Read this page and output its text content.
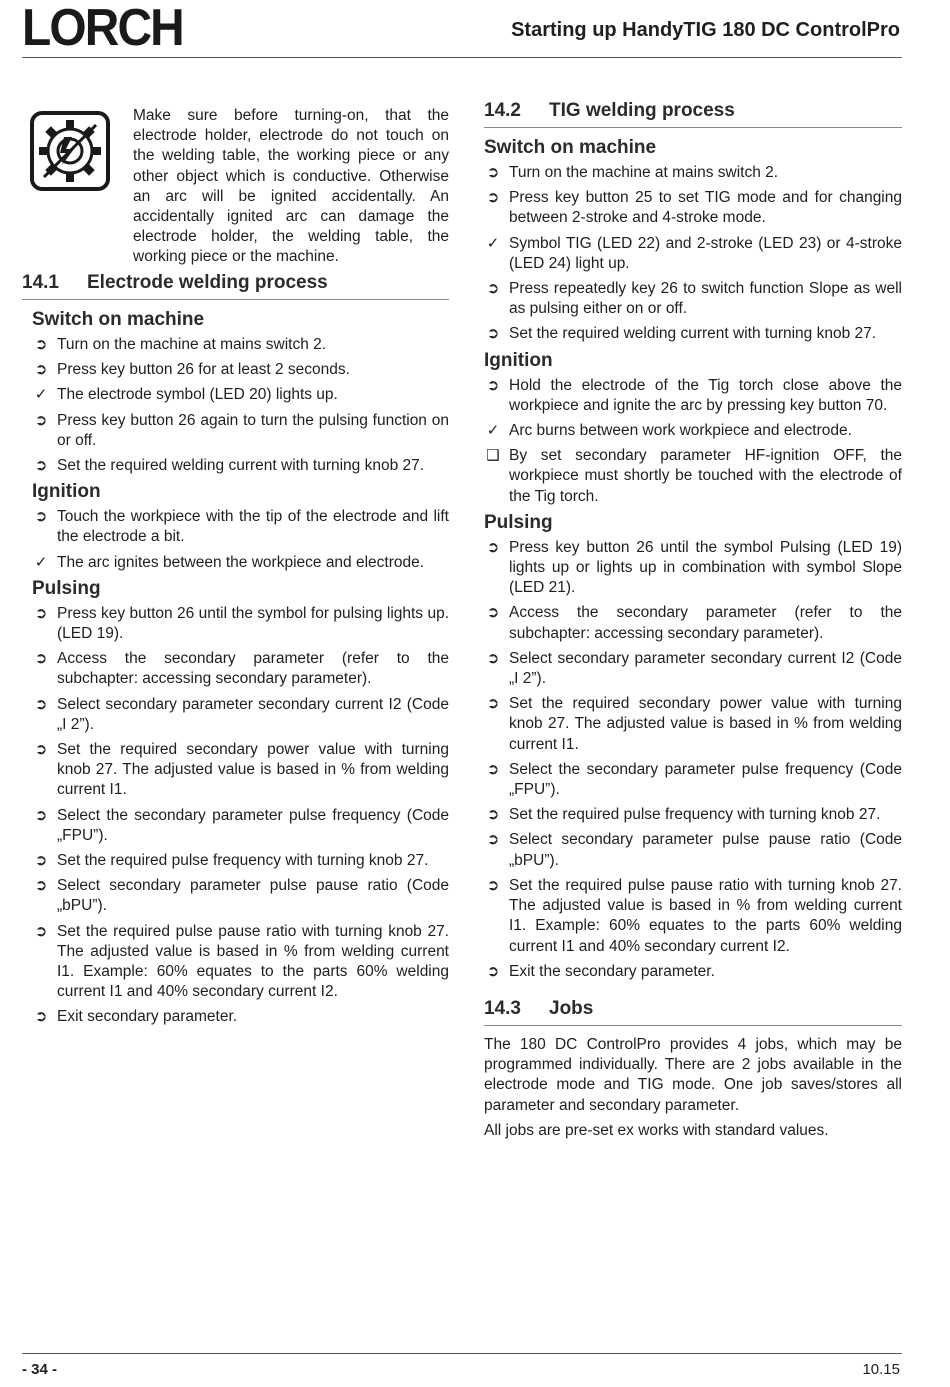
LORCH	Starting up HandyTIG 180 DC ControlPro
Make sure before turning-on, that the electrode holder, electrode do not touch on the welding table, the working piece or any other object which is conductive. Otherwise an arc will be ignited accidentally. An accidentally ignited arc can damage the electrode holder, the welding table, the working piece or the machine.
14.1 Electrode welding process
Switch on machine
➲ Turn on the machine at mains switch 2.
➲ Press key button 26 for at least 2 seconds.
✓ The electrode symbol (LED 20) lights up.
➲ Press key button 26 again to turn the pulsing function on or off.
➲ Set the required welding current with turning knob 27.
Ignition
➲ Touch the workpiece with the tip of the electrode and lift the electrode a bit.
✓ The arc ignites between the workpiece and electrode.
Pulsing
➲ Press key button 26 until the symbol for pulsing lights up. (LED 19).
➲ Access the secondary parameter (refer to the subchapter: accessing secondary parameter).
➲ Select secondary parameter secondary current I2 (Code „I 2”).
➲ Set the required secondary power value with turning knob 27. The adjusted value is based in % from welding current I1.
➲ Select the secondary parameter pulse frequency (Code „FPU”).
➲ Set the required pulse frequency with turning knob 27.
➲ Select secondary parameter pulse pause ratio (Code „bPU”).
➲ Set the required pulse pause ratio with turning knob 27. The adjusted value is based in % from welding current I1. Example: 60% equates to the parts 60% welding current I1 and 40% secondary current I2.
➲ Exit secondary parameter.
14.2 TIG welding process
Switch on machine
➲ Turn on the machine at mains switch 2.
➲ Press key button 25 to set TIG mode and for changing between 2-stroke and 4-stroke mode.
✓ Symbol TIG (LED 22) and 2-stroke (LED 23) or 4-stroke (LED 24) light up.
➲ Press repeatedly key 26 to switch function Slope as well as pulsing either on or off.
➲ Set the required welding current with turning knob 27.
Ignition
➲ Hold the electrode of the Tig torch close above the workpiece and ignite the arc by pressing key button 70.
✓ Arc burns between work workpiece and electrode.
❑ By set secondary parameter HF-ignition OFF, the workpiece must shortly be touched with the electrode of the Tig torch.
Pulsing
➲ Press key button 26 until the symbol Pulsing (LED 19) lights up or lights up in combination with symbol Slope (LED 21).
➲ Access the secondary parameter (refer to the subchapter: accessing secondary parameter).
➲ Select secondary parameter secondary current I2 (Code „I 2”).
➲ Set the required secondary power value with turning knob 27. The adjusted value is based in % from welding current I1.
➲ Select the secondary parameter pulse frequency (Code „FPU”).
➲ Set the required pulse frequency with turning knob 27.
➲ Select secondary parameter pulse pause ratio (Code „bPU”).
➲ Set the required pulse pause ratio with turning knob 27. The adjusted value is based in % from welding current I1. Example: 60% equates to the parts 60% welding current I1 and 40% secondary current I2.
➲ Exit the secondary parameter.
14.3 Jobs

The 180 DC ControlPro provides 4 jobs, which may be programmed individually. There are 2 jobs available in the electrode mode and TIG mode. One job saves/stores all parameter and secondary parameter.

All jobs are pre-set ex works with standard values.

- 34 -	10.15
